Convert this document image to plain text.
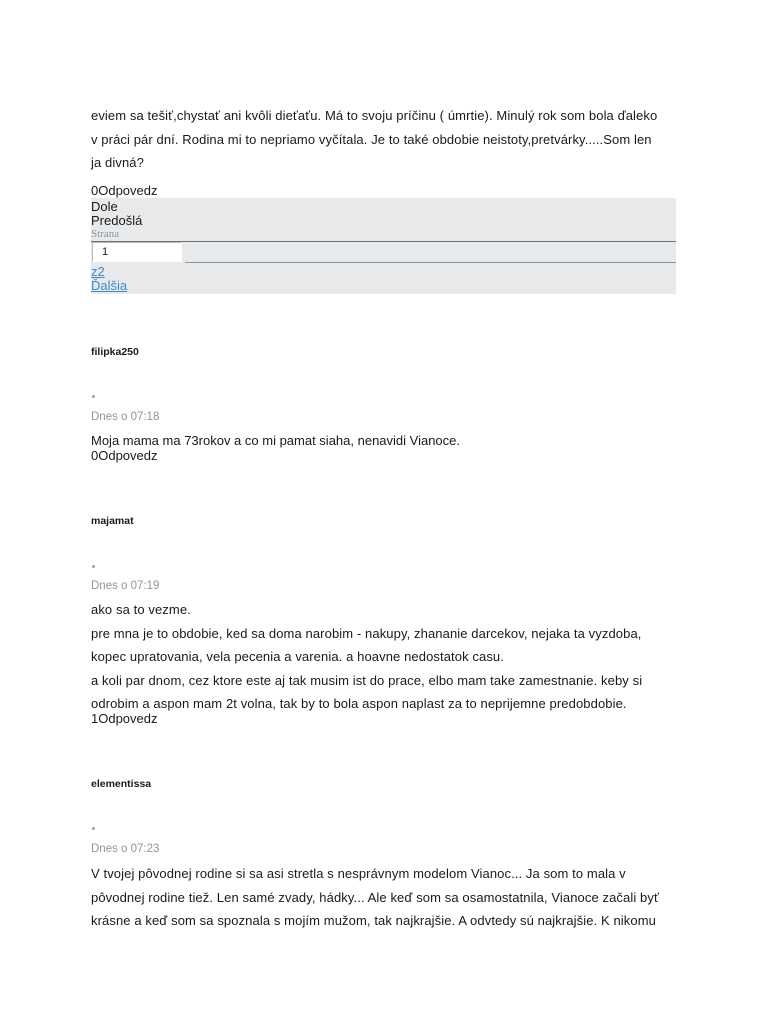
eviem sa tešiť,chystať ani kvôli dieťaťu. Má to svoju príčinu ( úmrtie). Minulý rok som bola ďaleko
v práci pár dní. Rodina mi to nepriamo vyčítala. Je to také obdobie neistoty,pretvárky.....Som len
ja divná?
0Odpovedz
Dole
Predošlá
Strana
1
z2
Ďalšia
filipka250
Dnes o 07:18
Moja mama ma 73rokov a co mi pamat siaha, nenavidi Vianoce.
0Odpovedz
majamat
Dnes o 07:19
ako sa to vezme.
pre mna je to obdobie, ked sa doma narobim - nakupy, zhananie darcekov, nejaka ta vyzdoba,
kopec upratovania, vela pecenia a varenia. a hoavne nedostatok casu.
a koli par dnom, cez ktore este aj tak musim ist do prace, elbo mam take zamestnanie. keby si
odrobim a aspon mam 2t volna, tak by to bola aspon naplast za to neprijemne predobdobie.
1Odpovedz
elementissa
Dnes o 07:23
V tvojej pôvodnej rodine si sa asi stretla s nesprávnym modelom Vianoc... Ja som to mala v
pôvodnej rodine tiež. Len samé zvady, hádky... Ale keď som sa osamostatnila, Vianoce začali byť
krásne a keď som sa spoznala s mojím mužom, tak najkrajšie. A odvtedy sú najkrajšie. K nikomu
